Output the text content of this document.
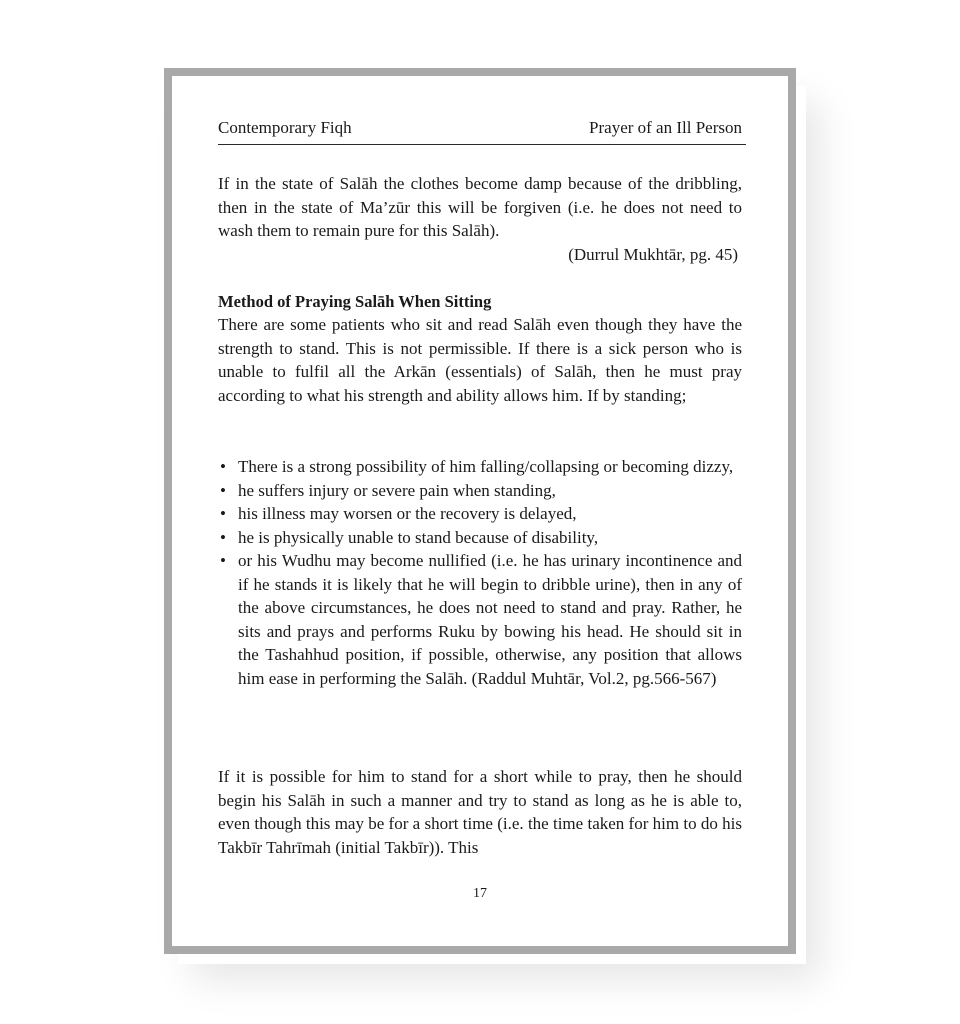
Contemporary Fiqh	Prayer of an Ill Person

If in the state of Salāh the clothes become damp because of the dribbling, then in the state of Ma’zūr this will be forgiven (i.e. he does not need to wash them to remain pure for this Salāh).

(Durrul Mukhtār, pg. 45)
Method of Praying Salāh When Sitting

There are some patients who sit and read Salāh even though they have the strength to stand. This is not permissible. If there is a sick person who is unable to fulfil all the Arkān (essentials) of Salāh, then he must pray according to what his strength and ability allows him. If by standing;

• There is a strong possibility of him falling/collapsing or becoming dizzy,
• he suffers injury or severe pain when standing,
• his illness may worsen or the recovery is delayed,
• he is physically unable to stand because of disability,
• or his Wudhu may become nullified (i.e. he has urinary incontinence and if he stands it is likely that he will begin to dribble urine), then in any of the above circumstances, he does not need to stand and pray. Rather, he sits and prays and performs Ruku by bowing his head. He should sit in the Tashahhud position, if possible, otherwise, any position that allows him ease in performing the Salāh. (Raddul Muhtār, Vol.2, pg.566-567)

If it is possible for him to stand for a short while to pray, then he should begin his Salāh in such a manner and try to stand as long as he is able to, even though this may be for a short time (i.e. the time taken for him to do his Takbīr Tahrīmah (initial Takbīr)). This

17
